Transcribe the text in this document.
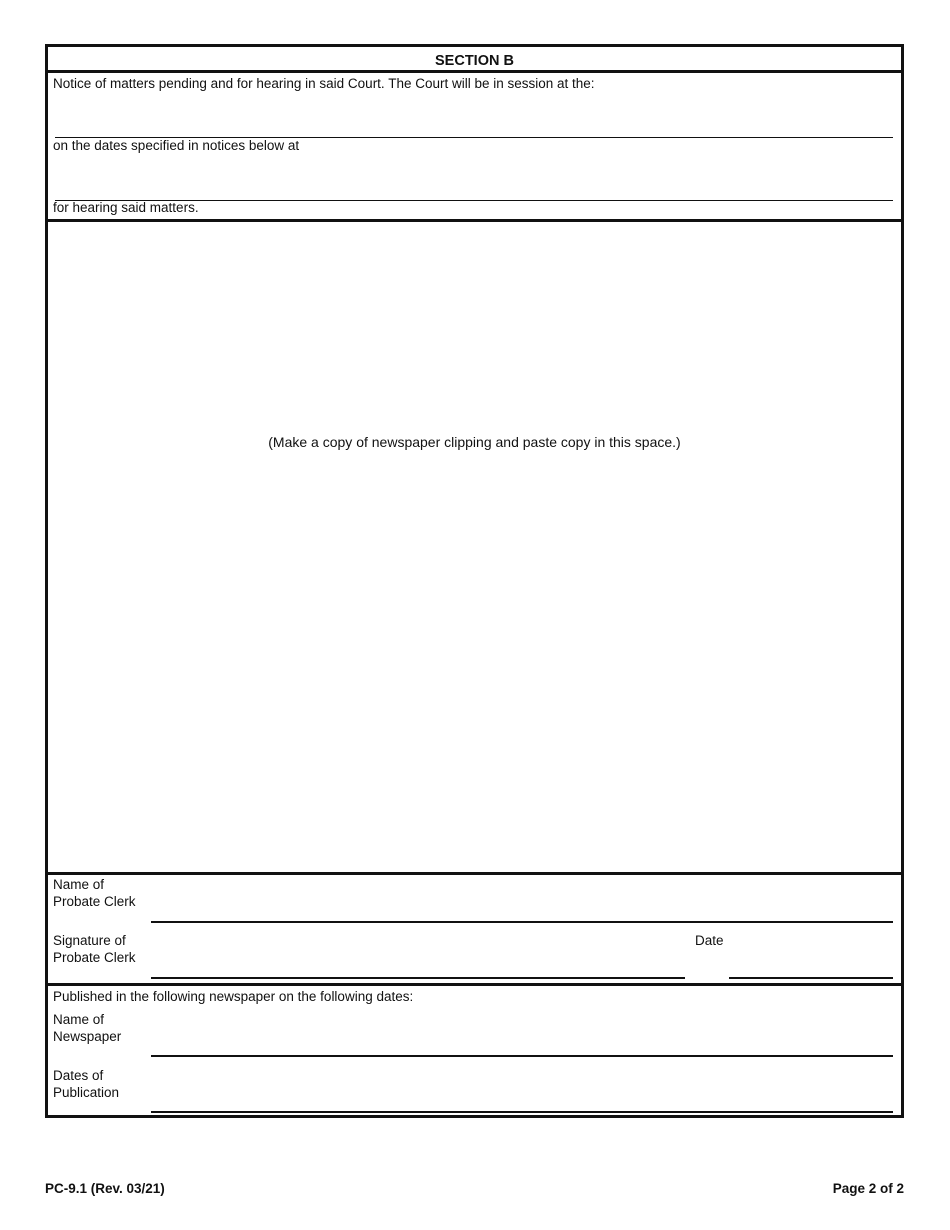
SECTION B
Notice of matters pending and for hearing in said Court. The Court will be in session at the:
on the dates specified in notices below at
for hearing said matters.
(Make a copy of newspaper clipping and paste copy in this space.)
Name of
Probate Clerk
Signature of
Probate Clerk
Date
Published in the following newspaper on the following dates:
Name of
Newspaper
Dates of
Publication
PC-9.1 (Rev. 03/21)	Page 2 of 2
